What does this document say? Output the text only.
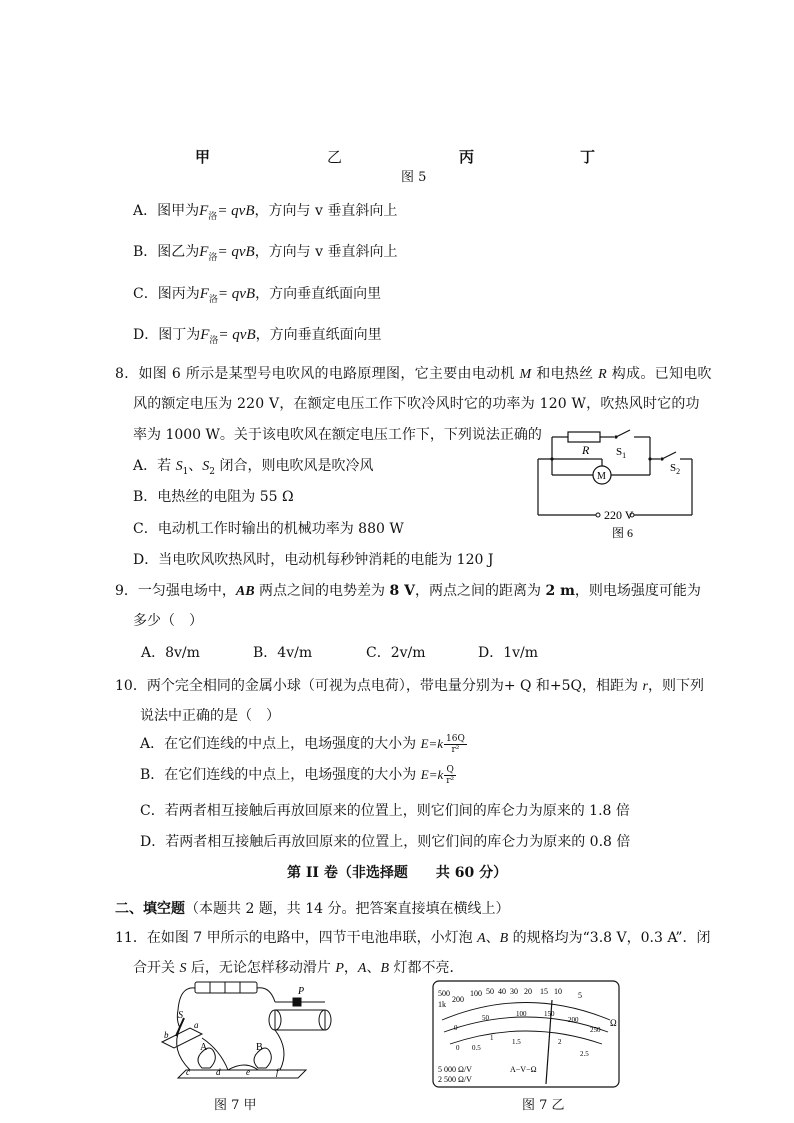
甲	乙	丙	丁
图 5
A．图甲为$F_洛=$ qvB，方向与 v 垂直斜向上
B．图乙为$F_洛=$ qvB，方向与 v 垂直斜向上
C．图丙为$F_洛=$ qvB，方向垂直纸面向里
D．图丁为$F_洛=$ qvB，方向垂直纸面向里
8．如图 6 所示是某型号电吹风的电路原理图，它主要由电动机 M 和电热丝 R 构成。已知电吹
风的额定电压为 220 V，在额定电压工作下吹冷风时它的功率为 120 W，吹热风时它的功
率为 1000 W。关于该电吹风在额定电压工作下，下列说法正确的
A．若 $S_1$、$S_2$ 闭合，则电吹风是吹冷风
B．电热丝的电阻为 55 Ω
C．电动机工作时输出的机械功率为 880 W
D．当电吹风吹热风时，电动机每秒钟消耗的电能为 120 J
R $S_1$
$S_2$
M
220 V
图 6
9．一匀强电场中，AB 两点之间的电势差为 8 V，两点之间的距离为 2 m，则电场强度可能为
多少（　）
A．8v/m	B．4v/m	C．2v/m	D．1v/m
10．两个完全相同的金属小球（可视为点电荷），带电量分别为+ Q 和+5Q，相距为 r，则下列
说法中正确的是（　）
A．在它们连线的中点上，电场强度的大小为 $E=k \frac{16Q}{\text{r²}}$
B．在它们连线的中点上，电场强度的大小为 $E=k \frac{Q}{\text{r²}}$
C．若两者相互接触后再放回原来的位置上，则它们间的库仑力为原来的 1.8 倍
D．若两者相互接触后再放回原来的位置上，则它们间的库仑力为原来的 0.8 倍
第 II 卷（非选择题　　共 60 分）
二、填空题（本题共 2 题，共 14 分。把答案直接填在横线上）
11．在如图 7 甲所示的电路中，四节干电池串联，小灯泡 A、B 的规格均为“3.8 V，0.3 A”．闭
合开关 S 后，无论怎样移动滑片 P，A、B 灯都不亮．
P
S
b
a
A	B
c	d	e	f
图 7 甲
500
200
100 50 40 30 20 15 10 5
1k
Ω
0
50	100	150
200
250
0 0.5
1	1.5	2
2.5
A−V−Ω
5 000 Ω/V
2 500 Ω/V
图 7 乙
